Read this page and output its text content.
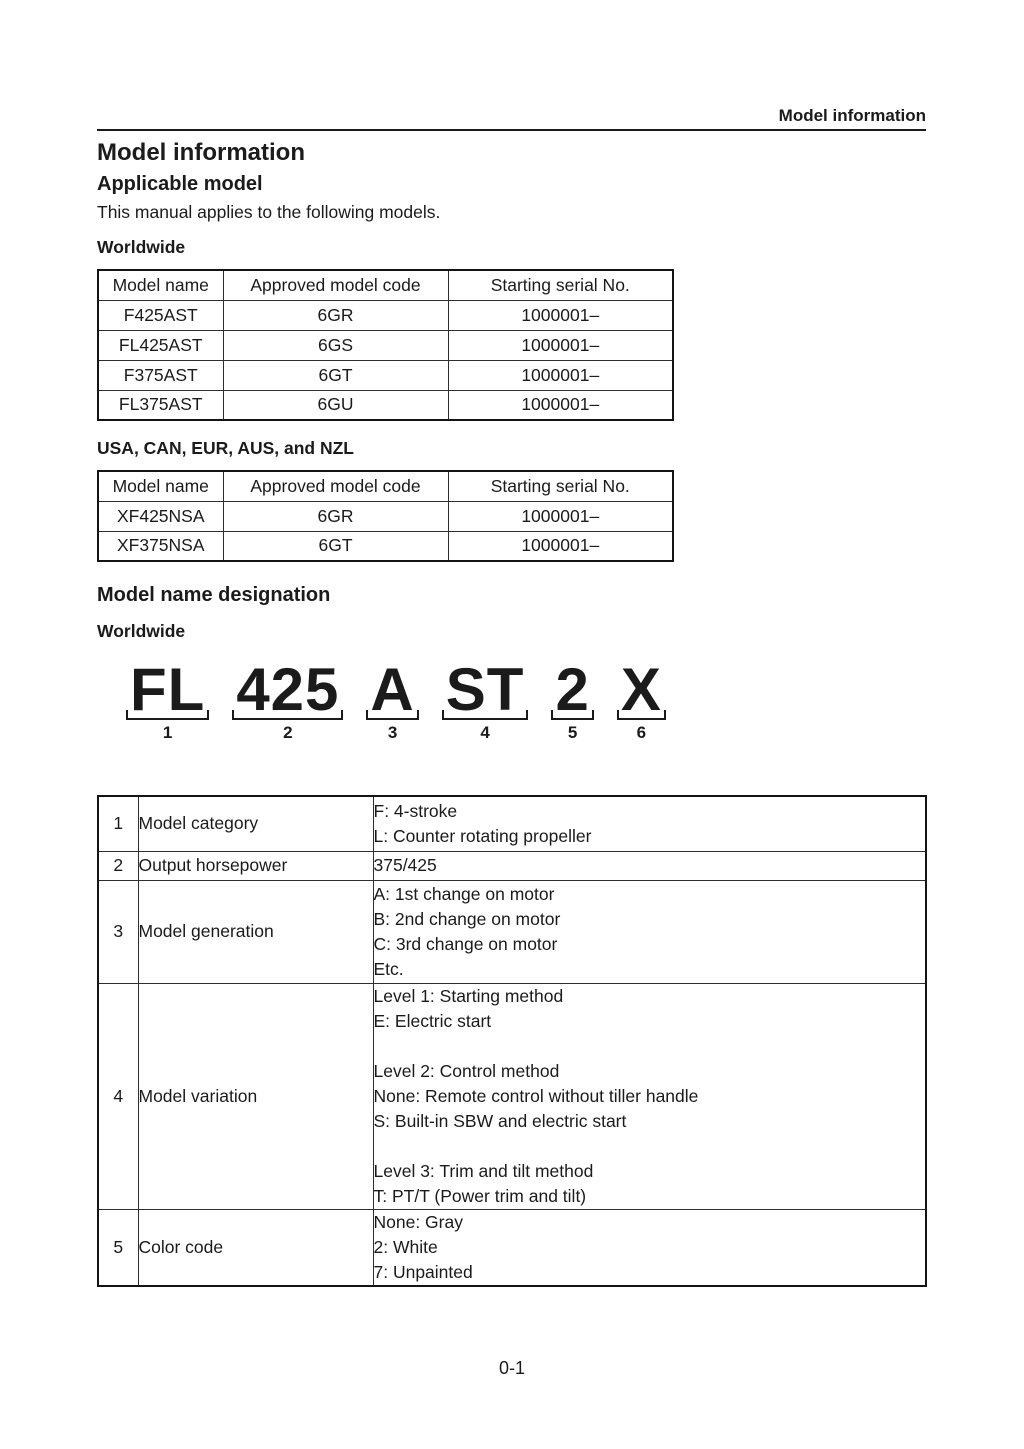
Model information
Model information
Applicable model
This manual applies to the following models.
Worldwide
Model name	Approved model code	Starting serial No.
F425AST	6GR	1000001–
FL425AST	6GS	1000001–
F375AST	6GT	1000001–
FL375AST	6GU	1000001–
USA, CAN, EUR, AUS, and NZL
Model name	Approved model code	Starting serial No.
XF425NSA	6GR	1000001–
XF375NSA	6GT	1000001–
Model name designation
Worldwide
FL
1
425
2
A
3
ST
4
2
5
X
6
1	Model category	F: 4-stroke
L: Counter rotating propeller

2	Output horsepower	375/425

3	Model generation	A: 1st change on motor
B: 2nd change on motor
C: 3rd change on motor
Etc.

4	Model variation	
Level 1: Starting method
E: Electric start
Level 2: Control method
None: Remote control without tiller handle
S: Built-in SBW and electric start
Level 3: Trim and tilt method
T: PT/T (Power trim and tilt)

5	Color code	None: Gray
2: White
7: Unpainted
0-1
